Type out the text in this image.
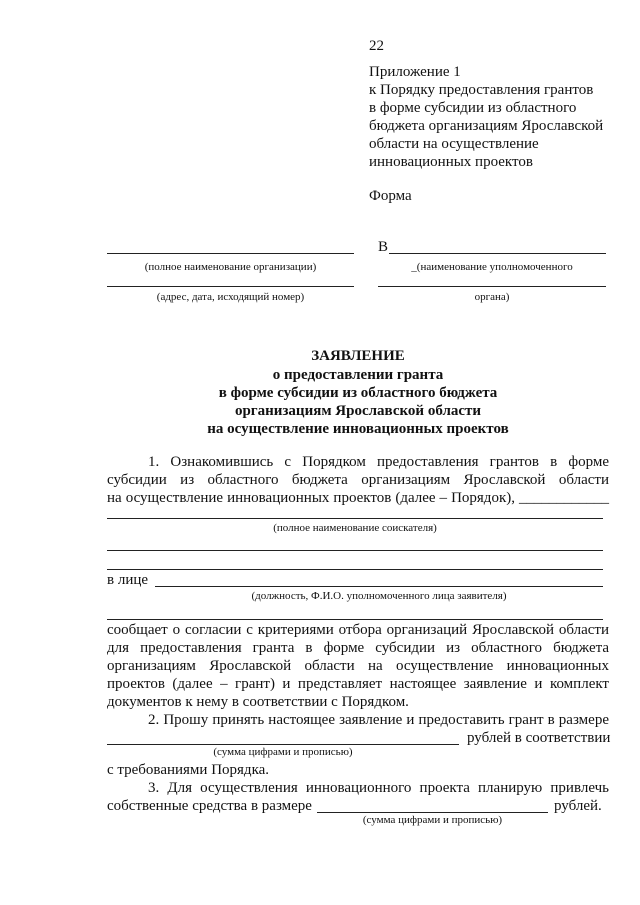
22
Приложение 1
к Порядку предоставления грантов
в форме субсидии из областного
бюджета организациям Ярославской
области на осуществление
инновационных проектов
Форма
(полное наименование организации)
(адрес, дата, исходящий номер)
В
_(наименование уполномоченного
органа)
ЗАЯВЛЕНИЕ
о предоставлении гранта
в форме субсидии из областного бюджета
организациям Ярославской области
на осуществление инновационных проектов
1. Ознакомившись с Порядком предоставления грантов в форме
субсидии из областного бюджета организациям Ярославской области
на осуществление инновационных проектов (далее – Порядок), ____________
(полное наименование соискателя)
в лице
(должность, Ф.И.О. уполномоченного лица заявителя)
сообщает о согласии с критериями отбора организаций Ярославской области
для предоставления гранта в форме субсидии из областного бюджета
организациям Ярославской области на осуществление инновационных
проектов (далее – грант) и представляет настоящее заявление и комплект
документов к нему в соответствии с Порядком.
2. Прошу принять настоящее заявление и предоставить грант в размере
рублей в соответствии
(сумма цифрами и прописью)
с требованиями Порядка.
3. Для осуществления инновационного проекта планирую привлечь
собственные средства в размере	рублей.
(сумма цифрами и прописью)
